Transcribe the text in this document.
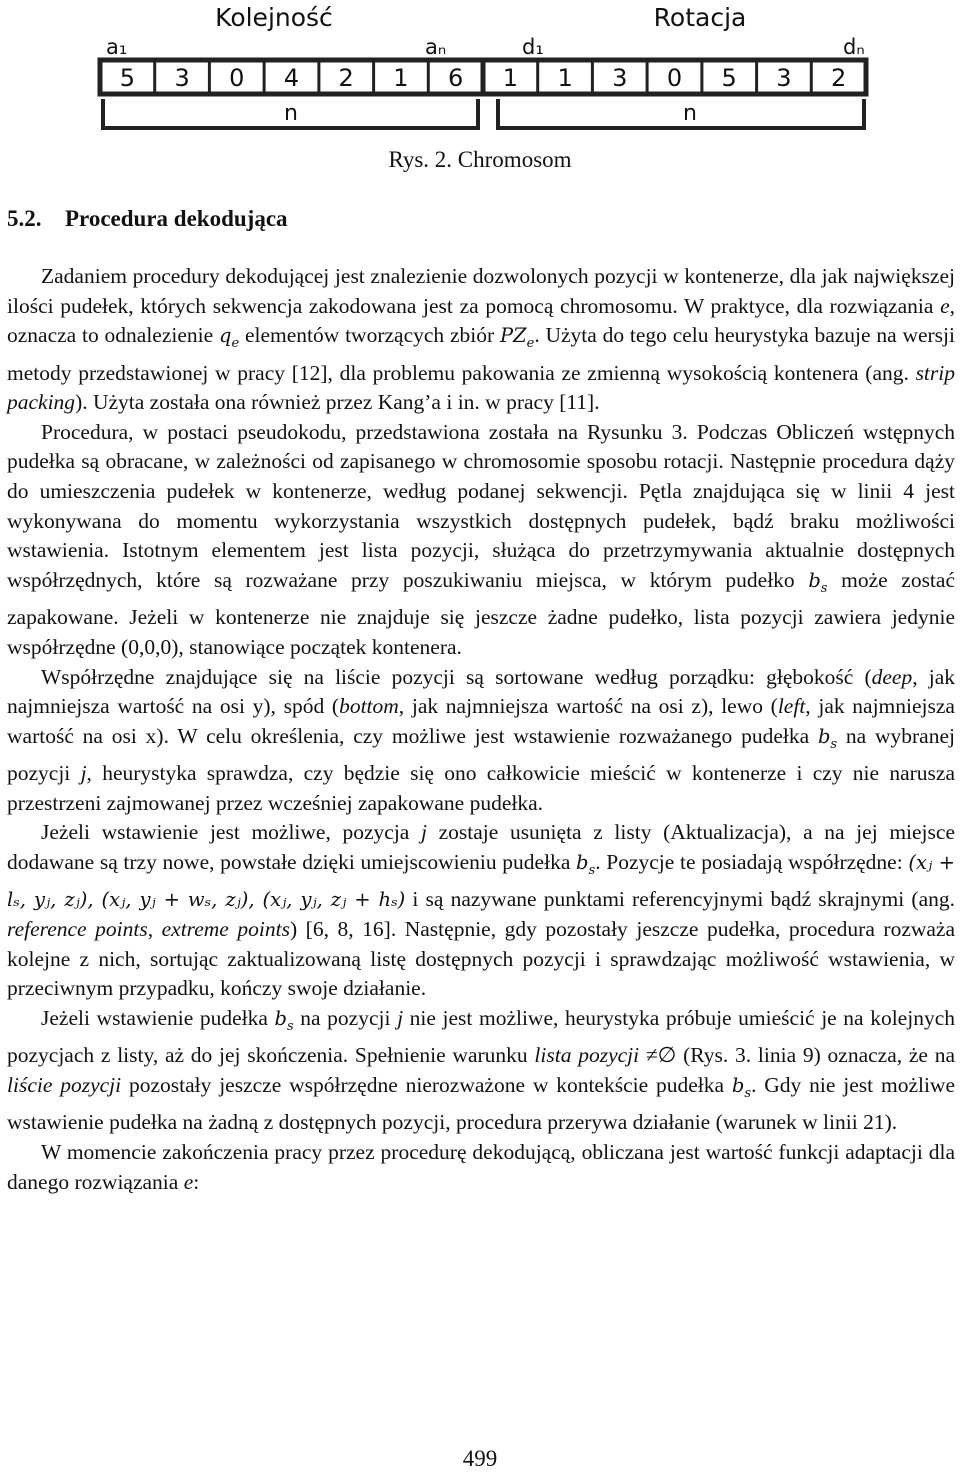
Kolejność	Rotacja
a₁	aₙ	d₁	dₙ
5 3 0 4 2 1 6 1 1 3 0 5 3 2
n	n
Rys. 2. Chromosom
5.2. Procedura dekodująca

Zadaniem procedury dekodującej jest znalezienie dozwolonych pozycji w kontenerze, dla jak największej ilości pudełek, których sekwencja zakodowana jest za pomocą chromosomu. W praktyce, dla rozwiązania e, oznacza to odnalezienie $q_e$ elementów tworzących zbiór $PZ_e$. Użyta do tego celu heurystyka bazuje na wersji metody przedstawionej w pracy [12], dla problemu pakowania ze zmienną wysokością kontenera (ang. strip packing). Użyta została ona również przez Kang’a i in. w pracy [11].

Procedura, w postaci pseudokodu, przedstawiona została na Rysunku 3. Podczas Obliczeń wstępnych pudełka są obracane, w zależności od zapisanego w chromosomie sposobu rotacji. Następnie procedura dąży do umieszczenia pudełek w kontenerze, według podanej sekwencji. Pętla znajdująca się w linii 4 jest wykonywana do momentu wykorzystania wszystkich dostępnych pudełek, bądź braku możliwości wstawienia. Istotnym elementem jest lista pozycji, służąca do przetrzymywania aktualnie dostępnych współrzędnych, które są rozważane przy poszukiwaniu miejsca, w którym pudełko $b_s$ może zostać zapakowane. Jeżeli w kontenerze nie znajduje się jeszcze żadne pudełko, lista pozycji zawiera jedynie współrzędne (0,0,0), stanowiące początek kontenera.

Współrzędne znajdujące się na liście pozycji są sortowane według porządku: głębokość (deep, jak najmniejsza wartość na osi y), spód (bottom, jak najmniejsza wartość na osi z), lewo (left, jak najmniejsza wartość na osi x). W celu określenia, czy możliwe jest wstawienie rozważanego pudełka $b_s$ na wybranej pozycji j, heurystyka sprawdza, czy będzie się ono całkowicie mieścić w kontenerze i czy nie narusza przestrzeni zajmowanej przez wcześniej zapakowane pudełka.

Jeżeli wstawienie jest możliwe, pozycja j zostaje usunięta z listy (Aktualizacja), a na jej miejsce dodawane są trzy nowe, powstałe dzięki umiejscowieniu pudełka $b_s$. Pozycje te posiadają współrzędne: (xⱼ + lₛ, yⱼ, zⱼ), (xⱼ, yⱼ + wₛ, zⱼ), (xⱼ, yⱼ, zⱼ + hₛ) i są nazywane punktami referencyjnymi bądź skrajnymi (ang. reference points, extreme points) [6, 8, 16]. Następnie, gdy pozostały jeszcze pudełka, procedura rozważa kolejne z nich, sortując zaktualizowaną listę dostępnych pozycji i sprawdzając możliwość wstawienia, w przeciwnym przypadku, kończy swoje działanie.

Jeżeli wstawienie pudełka $b_s$ na pozycji j nie jest możliwe, heurystyka próbuje umieścić je na kolejnych pozycjach z listy, aż do jej skończenia. Spełnienie warunku lista pozycji ≠∅ (Rys. 3. linia 9) oznacza, że na liście pozycji pozostały jeszcze współrzędne nierozważone w kontekście pudełka $b_s$. Gdy nie jest możliwe wstawienie pudełka na żadną z dostępnych pozycji, procedura przerywa działanie (warunek w linii 21).

W momencie zakończenia pracy przez procedurę dekodującą, obliczana jest wartość funkcji adaptacji dla danego rozwiązania e:

499
